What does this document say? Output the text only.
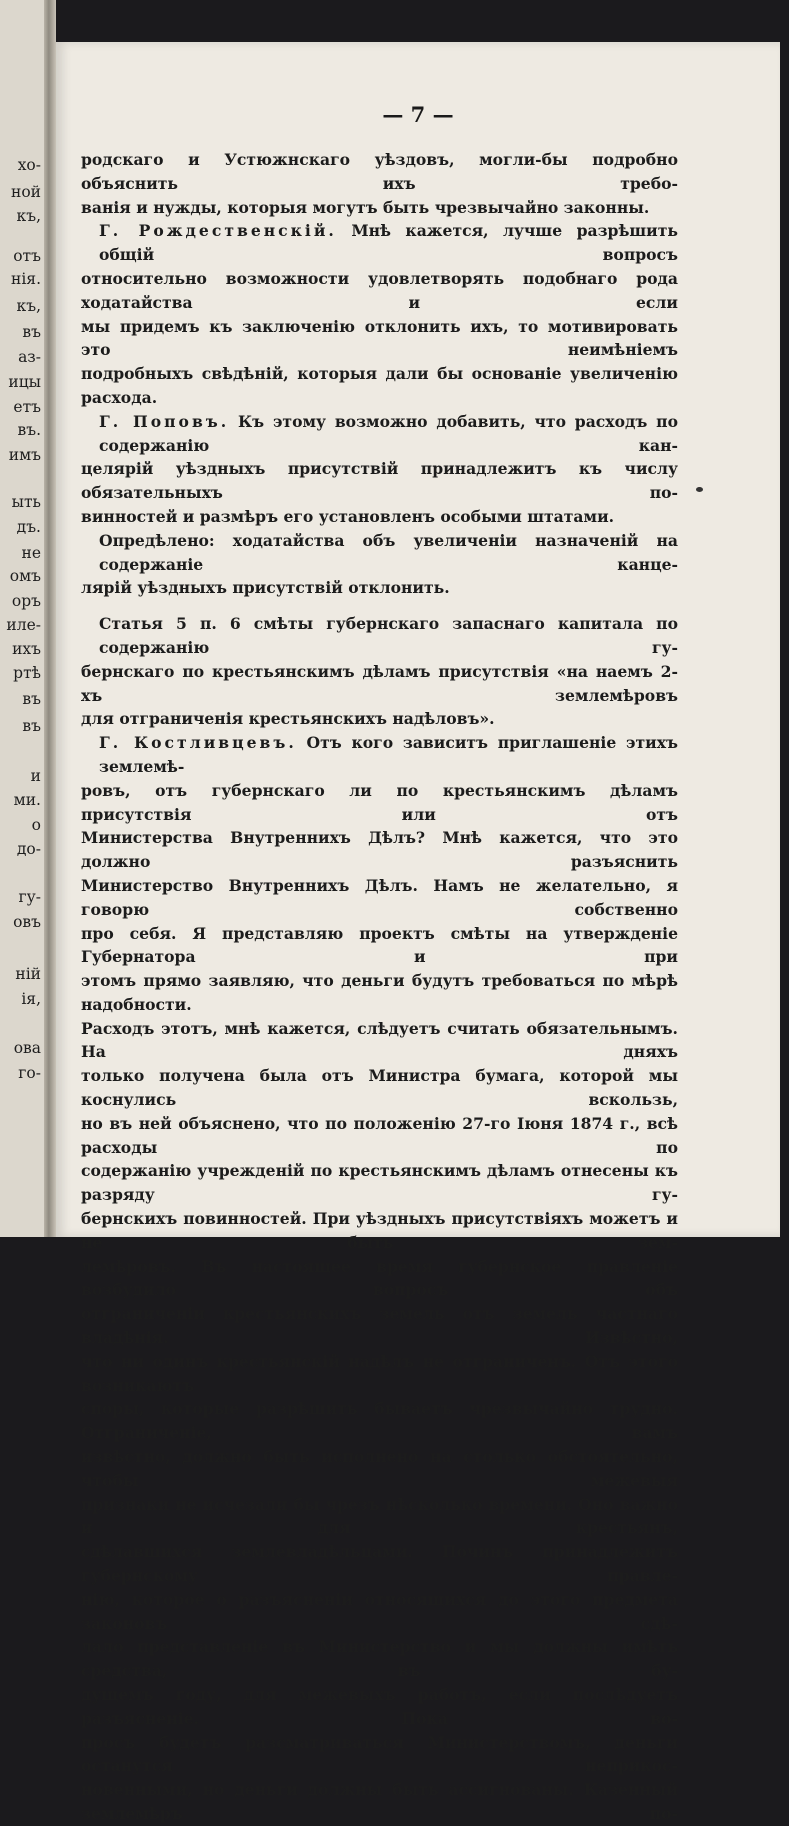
хо-
ной
къ,
отъ
нія.
къ,
въ
аз-
ицы
етъ
въ.
имъ
ыть
дъ.
не
омъ
оръ
иле-
ихъ
ртѣ
въ
въ
и
ми.
о
до-
гу-
овъ
ній
ія,
ова
го-
— 7 —

родскаго и Устюжнскаго уѣздовъ, могли-бы подробно объяснить ихъ требо-

ванія и нужды, которыя могутъ быть чрезвычайно законны.

Г. Рождественскій. Мнѣ кажется, лучше разрѣшить общій вопросъ

относительно возможности удовлетворять подобнаго рода ходатайства и если

мы придемъ къ заключенію отклонить ихъ, то мотивировать это неимѣніемъ

подробныхъ свѣдѣній, которыя дали бы основаніе увеличенію расхода.

Г. Поповъ. Къ этому возможно добавить, что расходъ по содержанію кан-

целярій уѣздныхъ присутствій принадлежитъ къ числу обязательныхъ по-

винностей и размѣръ его установленъ особыми штатами.

Опредѣлено: ходатайства объ увеличеніи назначеній на содержаніе канце-

лярій уѣздныхъ присутствій отклонить.

Статья 5 п. 6 смѣты губернскаго запаснаго капитала по содержанію гу-

бернскаго по крестьянскимъ дѣламъ присутствія «на наемъ 2-хъ землемѣровъ

для отграниченія крестьянскихъ надѣловъ».

Г. Костливцевъ. Отъ кого зависитъ приглашеніе этихъ землемѣ-

ровъ, отъ губернскаго ли по крестьянскимъ дѣламъ присутствія или отъ

Министерства Внутреннихъ Дѣлъ? Мнѣ кажется, что это должно разъяснить

Министерство Внутреннихъ Дѣлъ. Намъ не желательно, я говорю собственно

про себя. Я представляю проектъ смѣты на утвержденіе Губернатора и при

этомъ прямо заявляю, что деньги будутъ требоваться по мѣрѣ надобности.

Расходъ этотъ, мнѣ кажется, слѣдуетъ считать обязательнымъ. На дняхъ

только получена была отъ Министра бумага, которой мы коснулись вскользь,

но въ ней объяснено, что по положенію 27-го Іюня 1874 г., всѣ расходы по

содержанію учрежденій по крестьянскимъ дѣламъ отнесены къ разряду гу-

бернскихъ повинностей. При уѣздныхъ присутствіяхъ можетъ и не быть зем-

лемѣровъ. Въ настоящее время губернское правленіе возбудило вопросъ объ

отграниченіи крестьянскихъ земель отъ земель частнаго владѣнія. Извѣстно,

что ни одинъ крестьянскій надѣлъ не отграниченъ. Отъ этого возникаютъ

споры, которые разрѣшить бываетъ чрезвычайно трудно. Отграниченіе, вамъ

извѣстно, должно быть исполнено на столько обстоятельно, чтобы межевыя

признаки не исчезали бы чрезъ нѣсколько времени. Оно важно и для крестьянъ,

сдѣлавшихся землевладѣльцами. Починъ принадлежитъ губернскому правле-

нію, которое о разъясненіи относящихся до этого предмета законовъ сдѣ-

лало представленіе въ Министерство и мы должны имѣть средства, въ бу-

дущемъ году, для межевыхъ работъ, если послѣдуетъ разъясненіе. Пока во-

просъ будетъ разсматриваться Министерствомъ, деньги останутся неприкос-

новенными, но деньги должны быть ассигнованы. Казенный землемѣръ по-
